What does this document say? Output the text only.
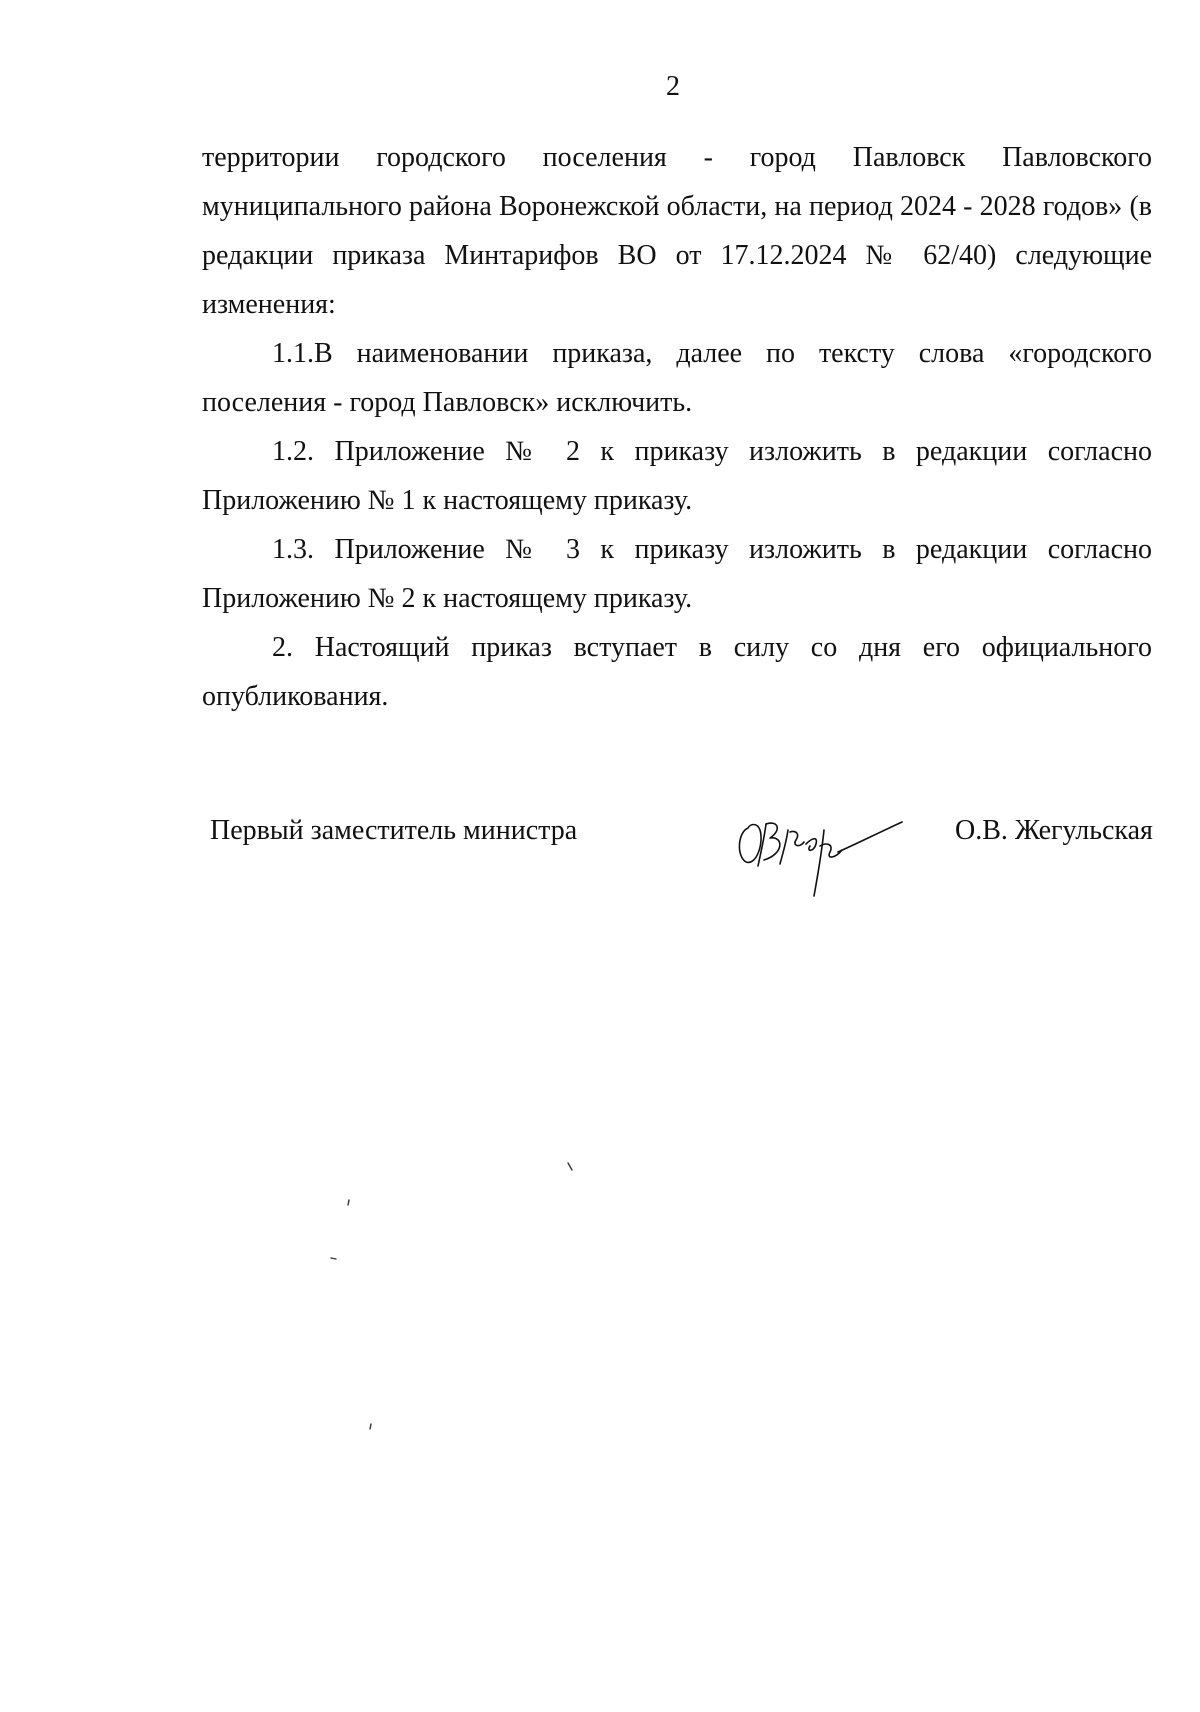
2

территории городского поселения - город Павловск Павловского муниципального района Воронежской области, на период 2024 - 2028 годов» (в редакции приказа Минтарифов ВО от 17.12.2024 № 62/40) следующие изменения:

1.1.В наименовании приказа, далее по тексту слова «городского поселения - город Павловск» исключить.

1.2. Приложение № 2 к приказу изложить в редакции согласно Приложению № 1 к настоящему приказу.

1.3. Приложение № 3 к приказу изложить в редакции согласно Приложению № 2 к настоящему приказу.

2. Настоящий приказ вступает в силу со дня его официального опубликования.

Первый заместитель министра	О.В. Жегульская
